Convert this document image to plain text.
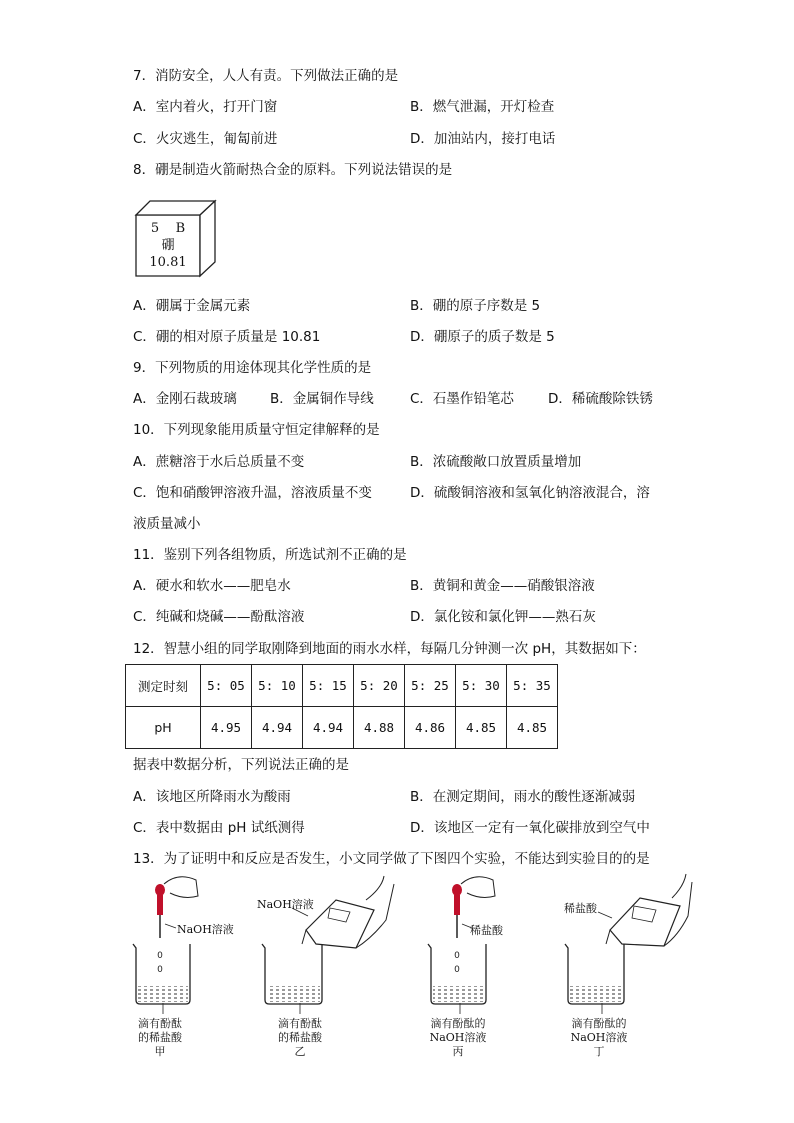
7．消防安全，人人有责。下列做法正确的是
A．室内着火，打开门窗	B．燃气泄漏，开灯检查
C．火灾逃生，匍匐前进	D．加油站内，接打电话
8．硼是制造火箭耐热合金的原料。下列说法错误的是
5 B
硼
10.81
A．硼属于金属元素	B．硼的原子序数是 5
C．硼的相对原子质量是 10.81	D．硼原子的质子数是 5
9．下列物质的用途体现其化学性质的是
A．金刚石裁玻璃 B．金属铜作导线	C．石墨作铅笔芯	D．稀硫酸除铁锈
10．下列现象能用质量守恒定律解释的是
A．蔗糖溶于水后总质量不变	B．浓硫酸敞口放置质量增加
C．饱和硝酸钾溶液升温，溶液质量不变	D．硫酸铜溶液和氢氧化钠溶液混合，溶
液质量减小
11．鉴别下列各组物质，所选试剂不正确的是
A．硬水和软水——肥皂水	B．黄铜和黄金——硝酸银溶液
C．纯碱和烧碱——酚酞溶液	D．氯化铵和氯化钾——熟石灰
12．智慧小组的同学取刚降到地面的雨水水样，每隔几分钟测一次 pH，其数据如下：
测定时刻	5: 05	5: 10	5: 15	5: 20	5: 25	5: 30	5: 35
pH	4.95	4.94	4.94	4.88	4.86	4.85	4.85
据表中数据分析，下列说法正确的是
A．该地区所降雨水为酸雨	B．在测定期间，雨水的酸性逐渐减弱
C．表中数据由 pH 试纸测得	D．该地区一定有一氧化碳排放到空气中
13．为了证明中和反应是否发生，小文同学做了下图四个实验，不能达到实验目的的是
0
0
0
0
NaOH溶液
NaOH溶液
稀盐酸
稀盐酸
滴有酚酞
的稀盐酸
甲
滴有酚酞
的稀盐酸
乙
滴有酚酞的
NaOH溶液
丙
滴有酚酞的
NaOH溶液
丁
